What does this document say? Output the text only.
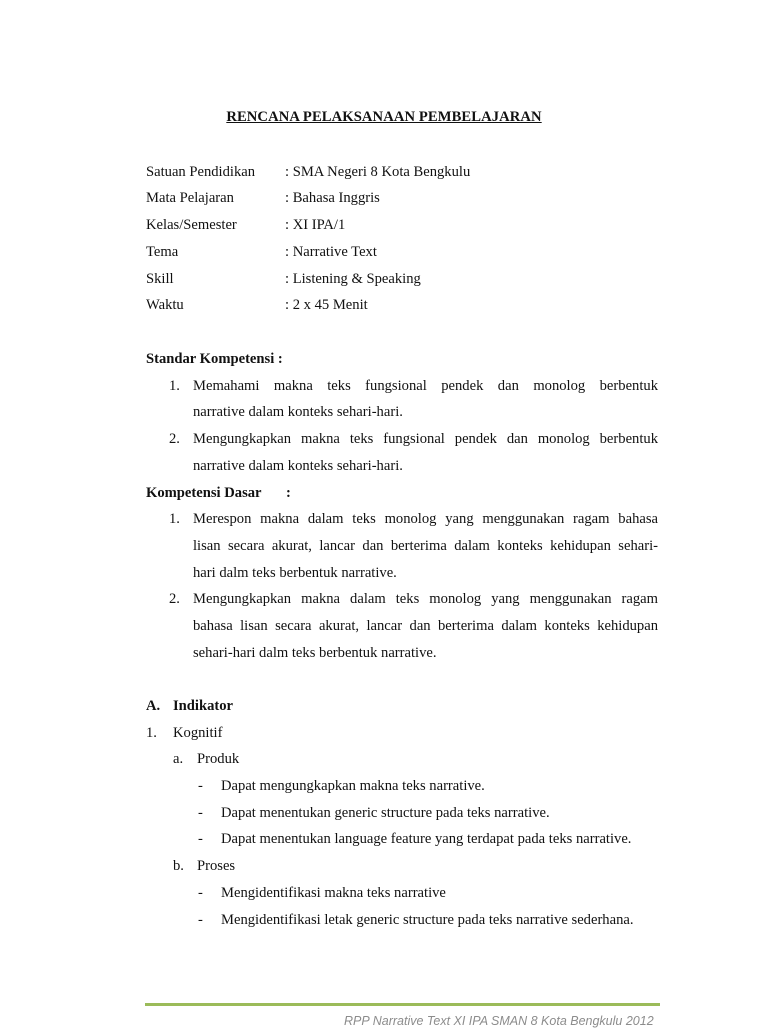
RENCANA PELAKSANAAN PEMBELAJARAN
Satuan Pendidikan : SMA Negeri 8 Kota Bengkulu
Mata Pelajaran	: Bahasa Inggris
Kelas/Semester	: XI IPA/1
Tema	: Narrative Text
Skill	: Listening & Speaking
Waktu	: 2 x 45 Menit
Standar Kompetensi :
1. Memahami makna teks fungsional pendek dan monolog berbentuk
narrative dalam konteks sehari-hari.
2. Mengungkapkan makna teks fungsional pendek dan monolog berbentuk
narrative dalam konteks sehari-hari.
Kompetensi Dasar :
1. Merespon makna dalam teks monolog yang menggunakan ragam bahasa
lisan secara akurat, lancar dan berterima dalam konteks kehidupan sehari-
hari dalm teks berbentuk narrative.
2. Mengungkapkan makna dalam teks monolog yang menggunakan ragam
bahasa lisan secara akurat, lancar dan berterima dalam konteks kehidupan
sehari-hari dalm teks berbentuk narrative.
A. Indikator
1. Kognitif
a. Produk
- Dapat mengungkapkan makna teks narrative.
- Dapat menentukan generic structure pada teks narrative.
- Dapat menentukan language feature yang terdapat pada teks narrative.
b. Proses
- Mengidentifikasi makna teks narrative
- Mengidentifikasi letak generic structure pada teks narrative sederhana.
RPP Narrative Text XI IPA SMAN 8 Kota Bengkulu 2012
